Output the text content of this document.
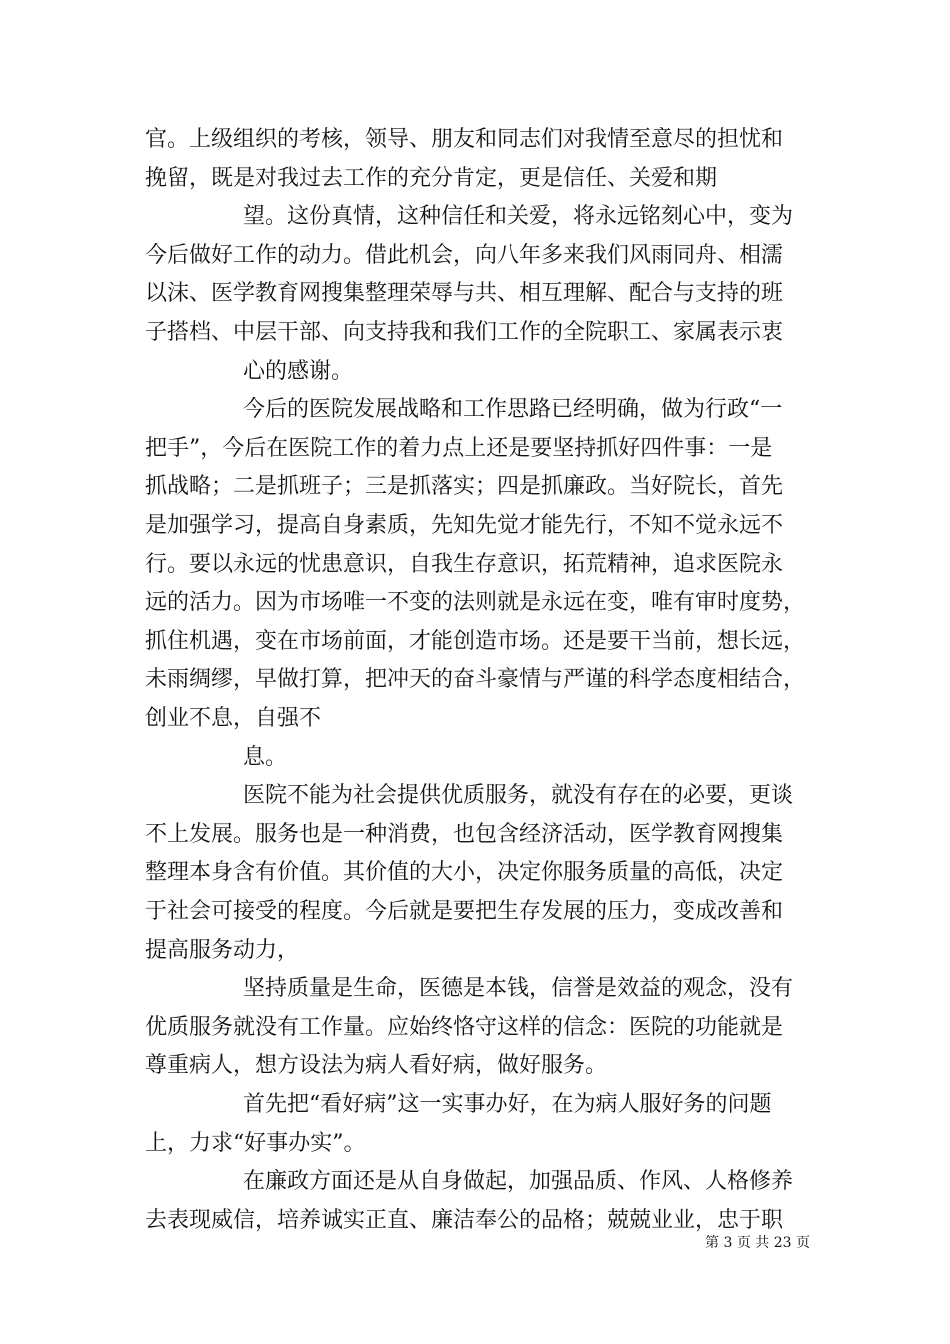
官。上级组织的考核，领导、朋友和同志们对我情至意尽的担忧和
挽留，既是对我过去工作的充分肯定，更是信任、关爱和期
望。这份真情，这种信任和关爱，将永远铭刻心中，变为
今后做好工作的动力。借此机会，向八年多来我们风雨同舟、相濡
以沫、医学教育网搜集整理荣辱与共、相互理解、配合与支持的班
子搭档、中层干部、向支持我和我们工作的全院职工、家属表示衷
心的感谢。
今后的医院发展战略和工作思路已经明确，做为行政“一
把手”，今后在医院工作的着力点上还是要坚持抓好四件事：一是
抓战略；二是抓班子；三是抓落实；四是抓廉政。当好院长，首先
是加强学习，提高自身素质，先知先觉才能先行，不知不觉永远不
行。要以永远的忧患意识，自我生存意识，拓荒精神，追求医院永
远的活力。因为市场唯一不变的法则就是永远在变，唯有审时度势，
抓住机遇，变在市场前面，才能创造市场。还是要干当前，想长远，
未雨绸缪，早做打算，把冲天的奋斗豪情与严谨的科学态度相结合，
创业不息，自强不
息。
医院不能为社会提供优质服务，就没有存在的必要，更谈
不上发展。服务也是一种消费，也包含经济活动，医学教育网搜集
整理本身含有价值。其价值的大小，决定你服务质量的高低，决定
于社会可接受的程度。今后就是要把生存发展的压力，变成改善和
提高服务动力，
坚持质量是生命，医德是本钱，信誉是效益的观念，没有
优质服务就没有工作量。应始终恪守这样的信念：医院的功能就是
尊重病人，想方设法为病人看好病，做好服务。
首先把“看好病”这一实事办好，在为病人服好务的问题
上，力求“好事办实”。
在廉政方面还是从自身做起，加强品质、作风、人格修养
去表现威信，培养诚实正直、廉洁奉公的品格；兢兢业业，忠于职
第 3 页 共 23 页
